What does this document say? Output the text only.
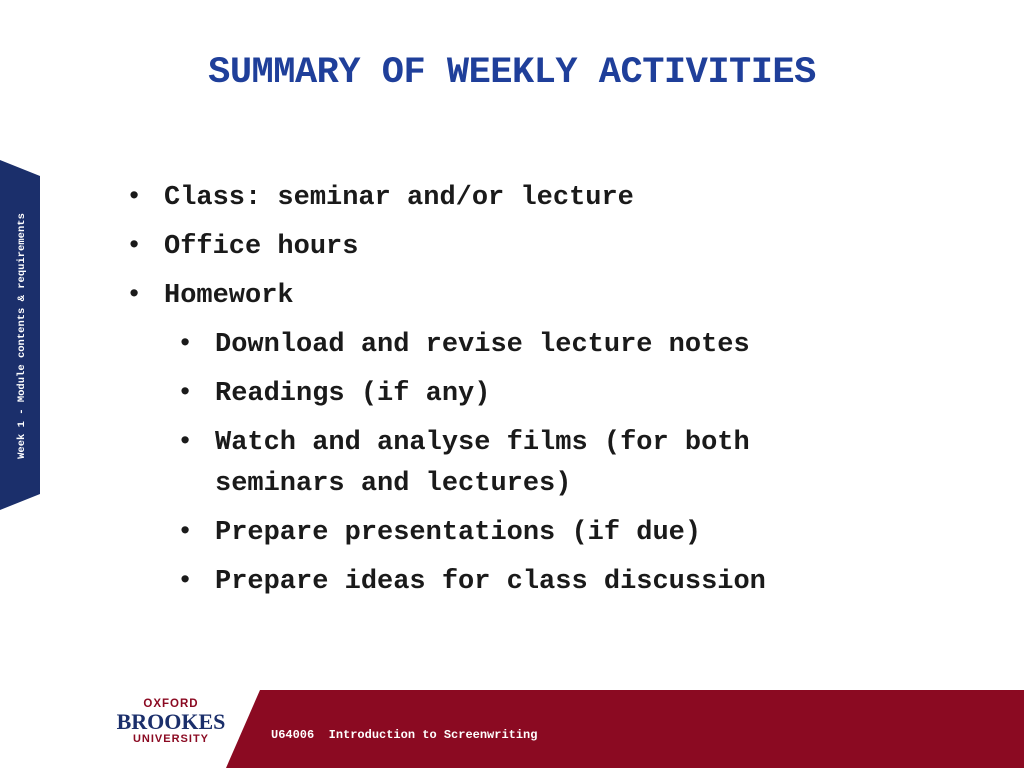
SUMMARY OF WEEKLY ACTIVITIES
Week 1 - Module contents & requirements
• Class: seminar and/or lecture
• Office hours
• Homework
• Download and revise lecture notes
• Readings (if any)
• Watch and analyse films (for both
seminars and lectures)
• Prepare presentations (if due)
• Prepare ideas for class discussion
U64006 Introduction to Screenwriting
OXFORD
BROOKES
UNIVERSITY
